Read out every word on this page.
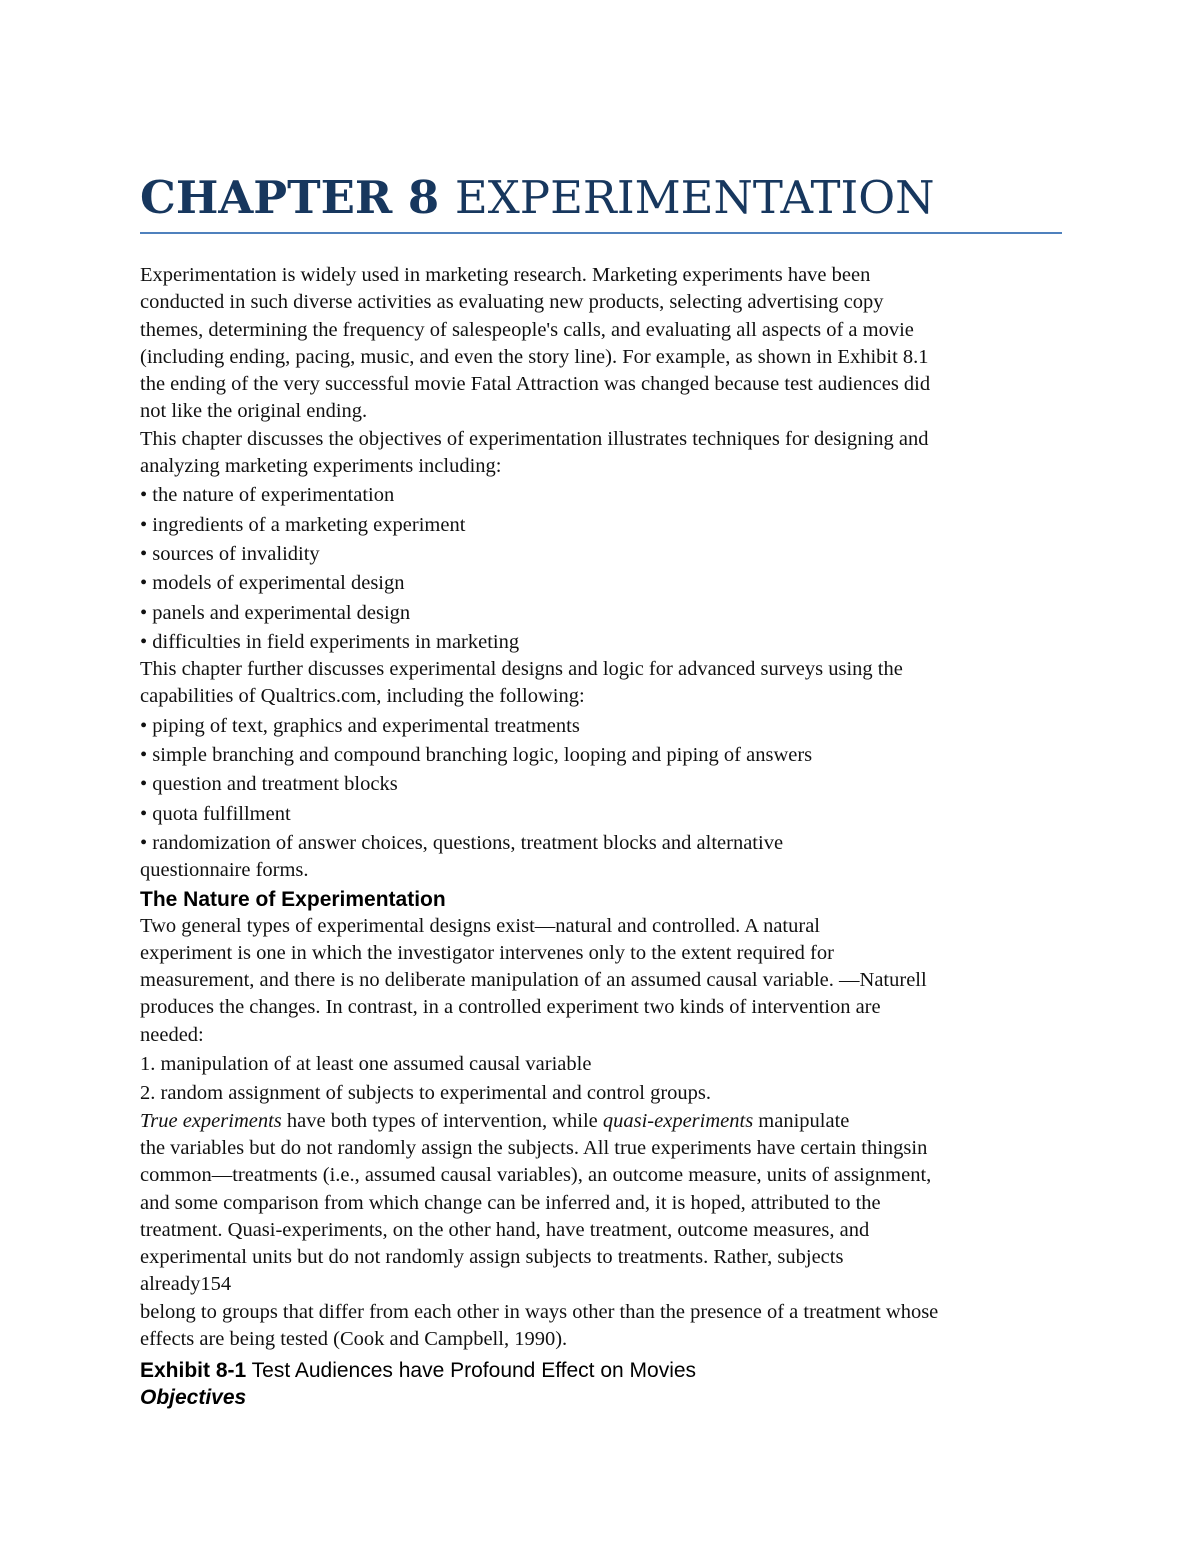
CHAPTER 8 EXPERIMENTATION
Experimentation is widely used in marketing research. Marketing experiments have been
conducted in such diverse activities as evaluating new products, selecting advertising copy
themes, determining the frequency of salespeople's calls, and evaluating all aspects of a movie
(including ending, pacing, music, and even the story line). For example, as shown in Exhibit 8.1
the ending of the very successful movie Fatal Attraction was changed because test audiences did
not like the original ending.
This chapter discusses the objectives of experimentation illustrates techniques for designing and
analyzing marketing experiments including:
• the nature of experimentation
• ingredients of a marketing experiment
• sources of invalidity
• models of experimental design
• panels and experimental design
• difficulties in field experiments in marketing
This chapter further discusses experimental designs and logic for advanced surveys using the
capabilities of Qualtrics.com, including the following:
• piping of text, graphics and experimental treatments
• simple branching and compound branching logic, looping and piping of answers
• question and treatment blocks
• quota fulfillment
• randomization of answer choices, questions, treatment blocks and alternative
questionnaire forms.
The Nature of Experimentation
Two general types of experimental designs exist—natural and controlled. A natural
experiment is one in which the investigator intervenes only to the extent required for
measurement, and there is no deliberate manipulation of an assumed causal variable. —Naturell
produces the changes. In contrast, in a controlled experiment two kinds of intervention are
needed:
1. manipulation of at least one assumed causal variable
2. random assignment of subjects to experimental and control groups.
True experiments have both types of intervention, while quasi-experiments manipulate
the variables but do not randomly assign the subjects. All true experiments have certain thingsin
common—treatments (i.e., assumed causal variables), an outcome measure, units of assignment,
and some comparison from which change can be inferred and, it is hoped, attributed to the
treatment. Quasi-experiments, on the other hand, have treatment, outcome measures, and
experimental units but do not randomly assign subjects to treatments. Rather, subjects
already154
belong to groups that differ from each other in ways other than the presence of a treatment whose
effects are being tested (Cook and Campbell, 1990).
Exhibit 8-1 Test Audiences have Profound Effect on Movies
Objectives
